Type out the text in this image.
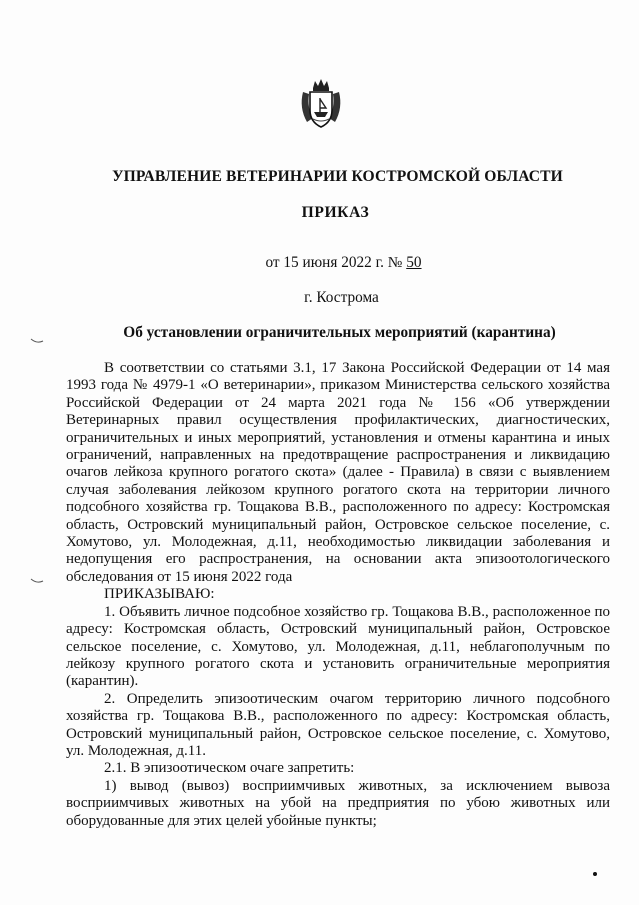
УПРАВЛЕНИЕ ВЕТЕРИНАРИИ КОСТРОМСКОЙ ОБЛАСТИ
ПРИКАЗ
от 15 июня 2022 г. № 50
г. Кострома
Об установлении ограничительных мероприятий (карантина)

В соответствии со статьями 3.1, 17 Закона Российской Федерации от 14 мая 1993 года № 4979-1 «О ветеринарии», приказом Министерства сельского хозяйства Российской Федерации от 24 марта 2021 года № 156 «Об утверждении Ветеринарных правил осуществления профилактических, диагностических, ограничительных и иных мероприятий, установления и отмены карантина и иных ограничений, направленных на предотвращение распространения и ликвидацию очагов лейкоза крупного рогатого скота» (далее - Правила) в связи с выявлением случая заболевания лейкозом крупного рогатого скота на территории личного подсобного хозяйства гр. Тощакова В.В., расположенного по адресу: Костромская область, Островский муниципальный район, Островское сельское поселение, с. Хомутово, ул. Молодежная, д.11, необходимостью ликвидации заболевания и недопущения его распространения, на основании акта эпизоотологического обследования от 15 июня 2022 года

ПРИКАЗЫВАЮ:

1. Объявить личное подсобное хозяйство гр. Тощакова В.В., расположенное по адресу: Костромская область, Островский муниципальный район, Островское сельское поселение, с. Хомутово, ул. Молодежная, д.11, неблагополучным по лейкозу крупного рогатого скота и установить ограничительные мероприятия (карантин).

2. Определить эпизоотическим очагом территорию личного подсобного хозяйства гр. Тощакова В.В., расположенного по адресу: Костромская область, Островский муниципальный район, Островское сельское поселение, с. Хомутово, ул. Молодежная, д.11.

2.1. В эпизоотическом очаге запретить:

1) вывод (вывоз) восприимчивых животных, за исключением вывоза восприимчивых животных на убой на предприятия по убою животных или оборудованные для этих целей убойные пункты;
